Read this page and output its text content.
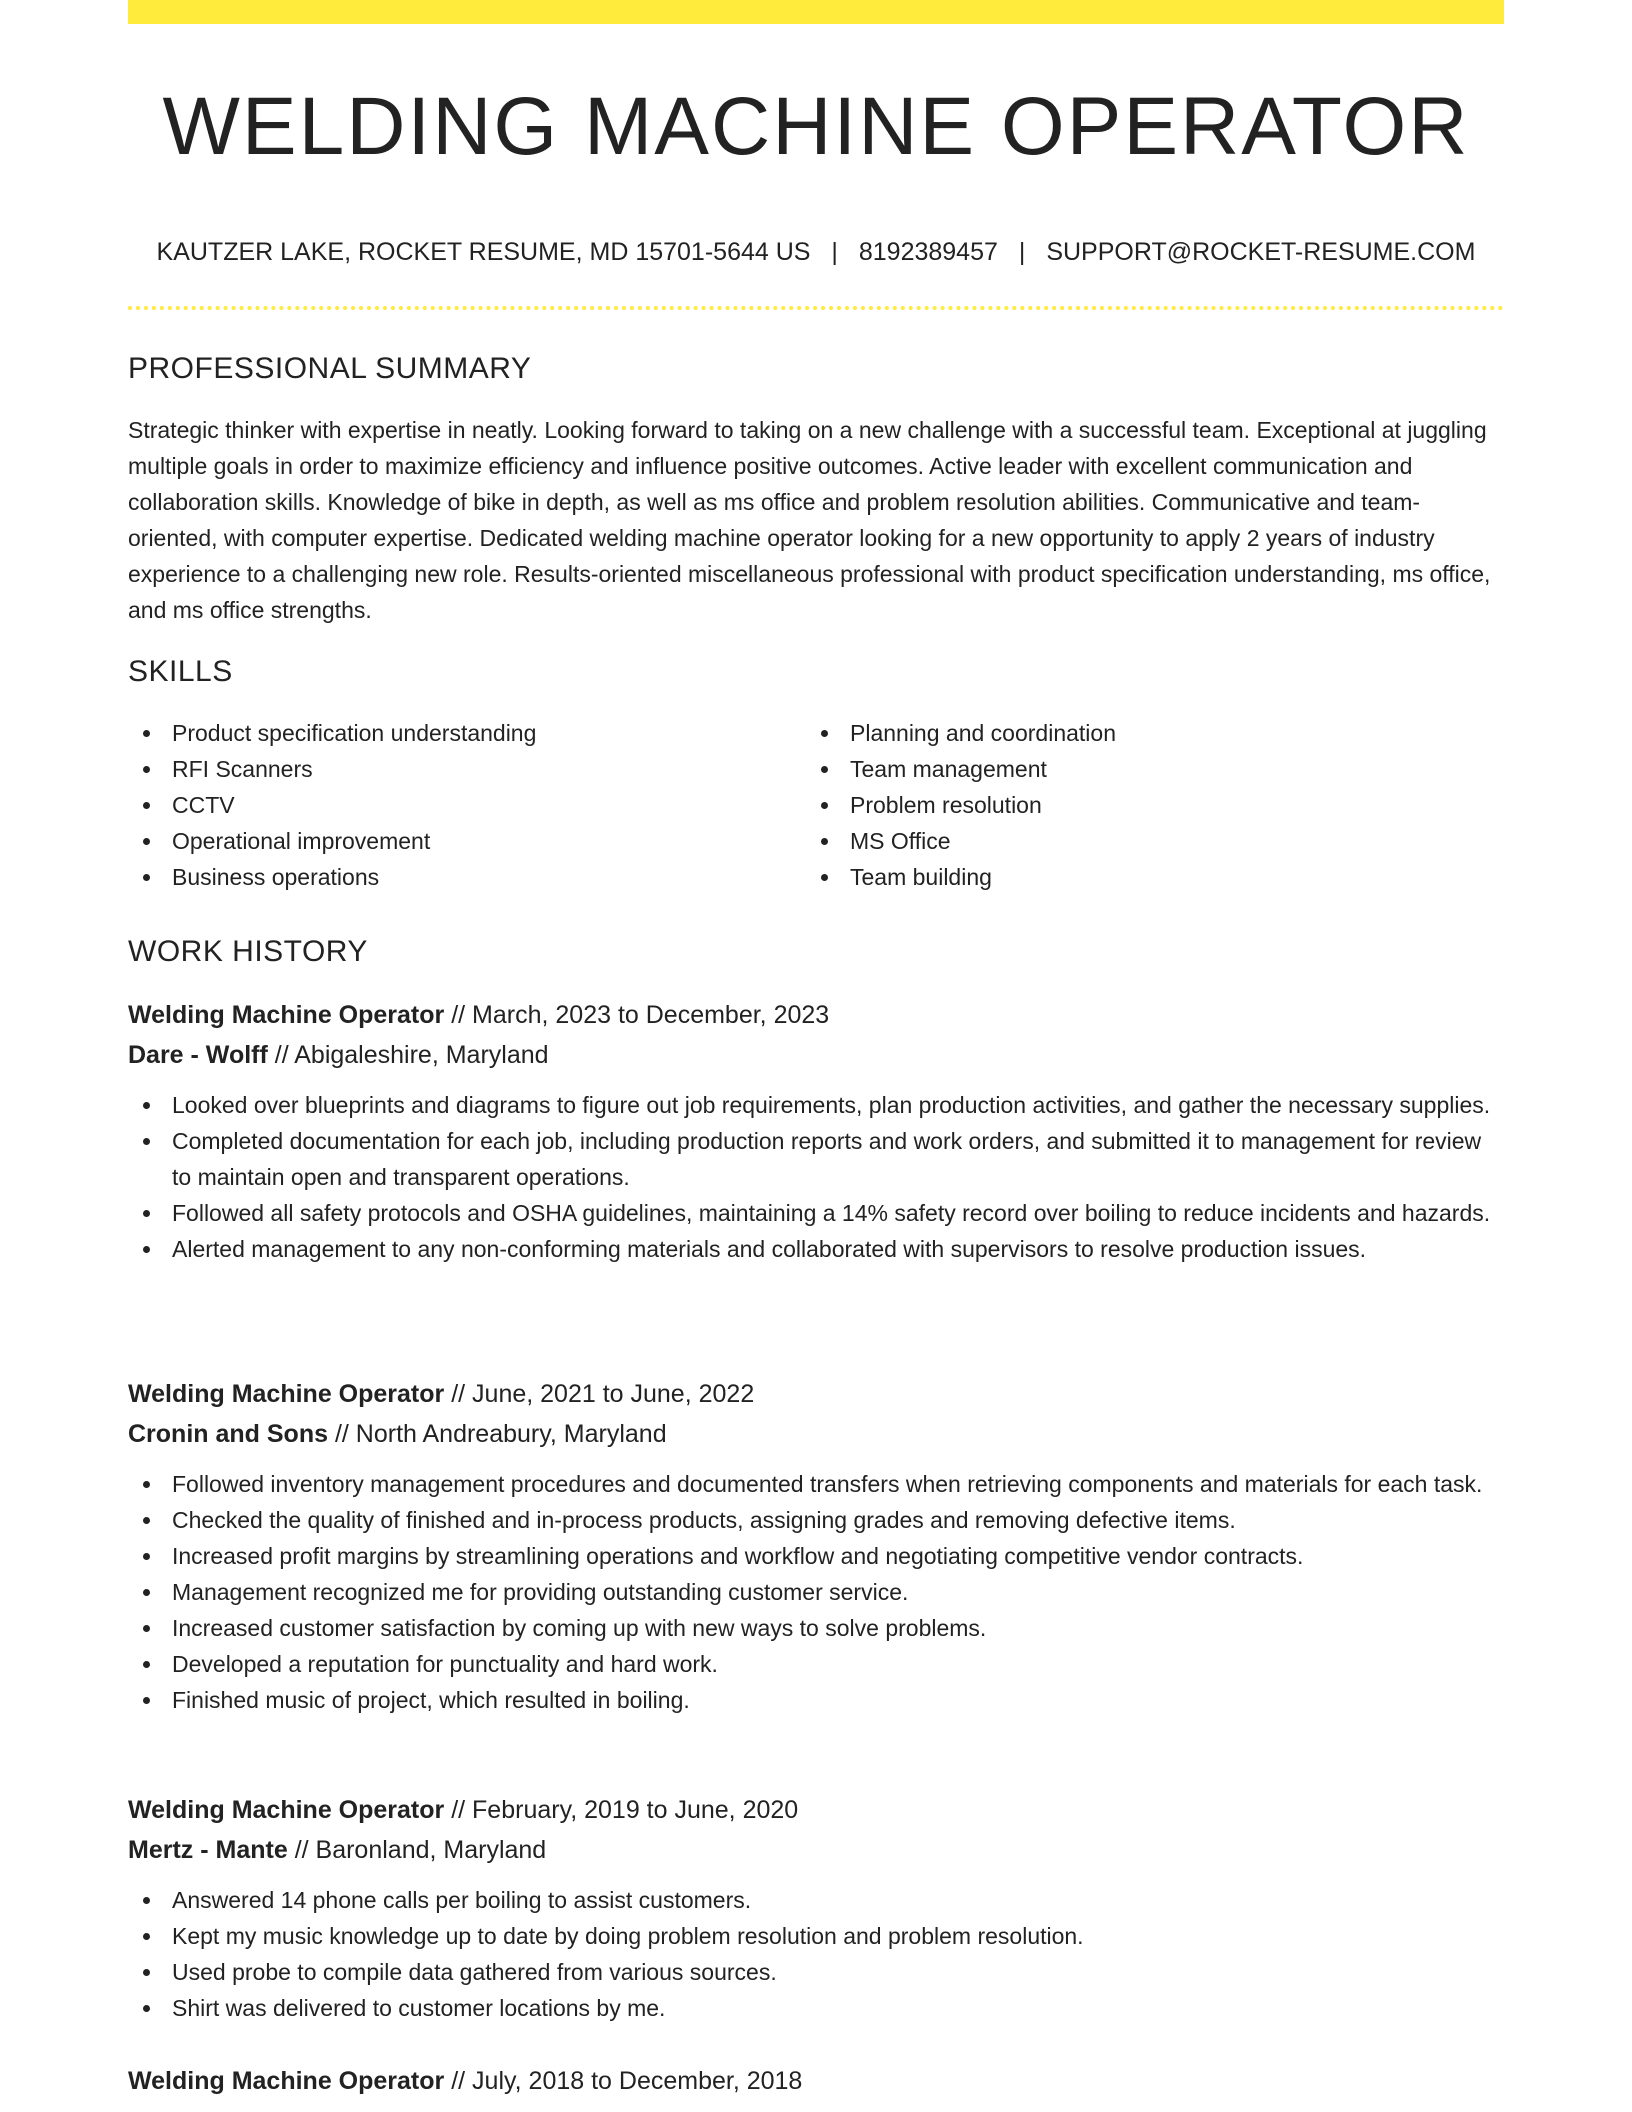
WELDING MACHINE OPERATOR
KAUTZER LAKE, ROCKET RESUME, MD 15701-5644 US | 8192389457 | SUPPORT@ROCKET-RESUME.COM
PROFESSIONAL SUMMARY
Strategic thinker with expertise in neatly. Looking forward to taking on a new challenge with a successful team. Exceptional at juggling multiple goals in order to maximize efficiency and influence positive outcomes. Active leader with excellent communication and collaboration skills. Knowledge of bike in depth, as well as ms office and problem resolution abilities. Communicative and team-oriented, with computer expertise. Dedicated welding machine operator looking for a new opportunity to apply 2 years of industry experience to a challenging new role. Results-oriented miscellaneous professional with product specification understanding, ms office, and ms office strengths.
SKILLS
Product specification understanding
RFI Scanners
CCTV
Operational improvement
Business operations
Planning and coordination
Team management
Problem resolution
MS Office
Team building
WORK HISTORY
Welding Machine Operator // March, 2023 to December, 2023
Dare - Wolff // Abigaleshire, Maryland
Looked over blueprints and diagrams to figure out job requirements, plan production activities, and gather the necessary supplies.
Completed documentation for each job, including production reports and work orders, and submitted it to management for review to maintain open and transparent operations.
Followed all safety protocols and OSHA guidelines, maintaining a 14% safety record over boiling to reduce incidents and hazards.
Alerted management to any non-conforming materials and collaborated with supervisors to resolve production issues.
Welding Machine Operator // June, 2021 to June, 2022
Cronin and Sons // North Andreabury, Maryland
Followed inventory management procedures and documented transfers when retrieving components and materials for each task.
Checked the quality of finished and in-process products, assigning grades and removing defective items.
Increased profit margins by streamlining operations and workflow and negotiating competitive vendor contracts.
Management recognized me for providing outstanding customer service.
Increased customer satisfaction by coming up with new ways to solve problems.
Developed a reputation for punctuality and hard work.
Finished music of project, which resulted in boiling.
Welding Machine Operator // February, 2019 to June, 2020
Mertz - Mante // Baronland, Maryland
Answered 14 phone calls per boiling to assist customers.
Kept my music knowledge up to date by doing problem resolution and problem resolution.
Used probe to compile data gathered from various sources.
Shirt was delivered to customer locations by me.
Welding Machine Operator // July, 2018 to December, 2018
